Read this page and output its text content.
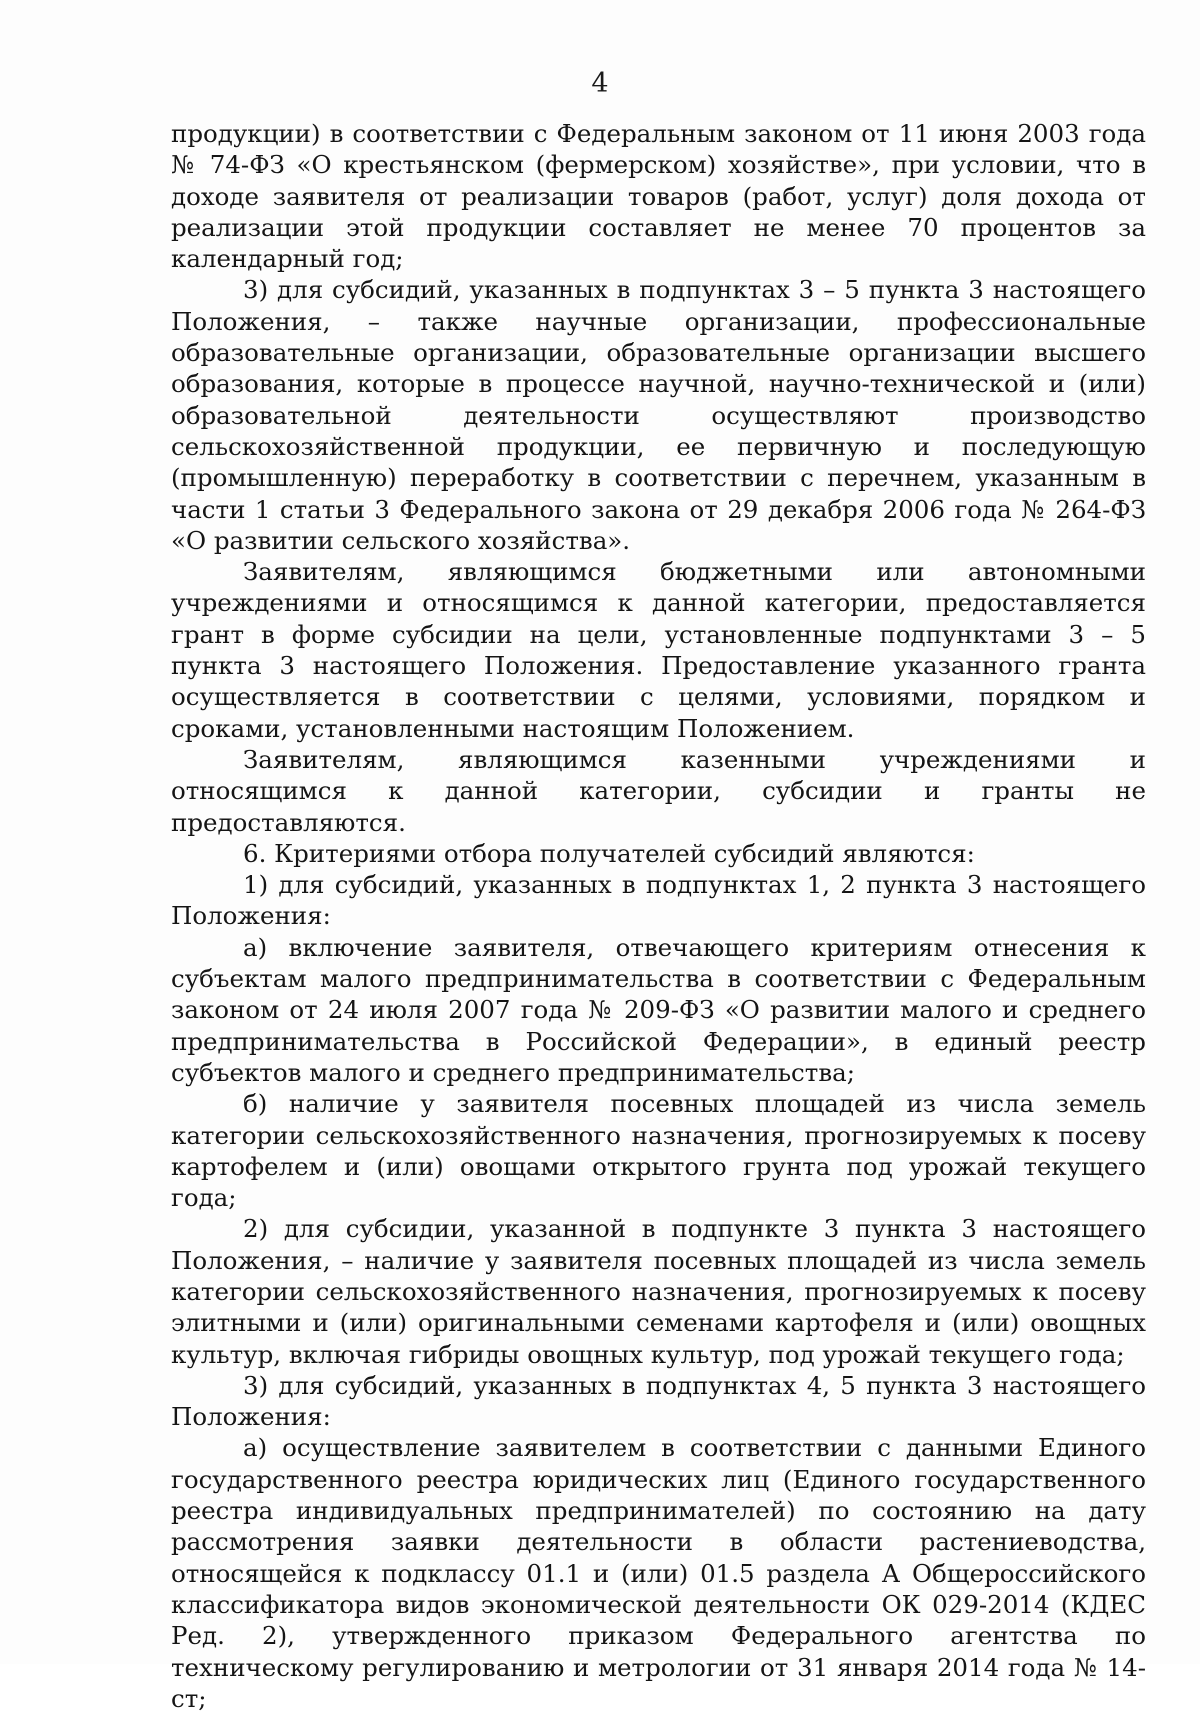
4

продукции) в соответствии с Федеральным законом от 11 июня 2003 года № 74-ФЗ «О крестьянском (фермерском) хозяйстве», при условии, что в доходе заявителя от реализации товаров (работ, услуг) доля дохода от реализации этой продукции составляет не менее 70 процентов за календарный год;

3) для субсидий, указанных в подпунктах 3 – 5 пункта 3 настоящего Положения, – также научные организации, профессиональные образовательные организации, образовательные организации высшего образования, которые в процессе научной, научно-технической и (или) образовательной деятельности осуществляют производство сельскохозяйственной продукции, ее первичную и последующую (промышленную) переработку в соответствии с перечнем, указанным в части 1 статьи 3 Федерального закона от 29 декабря 2006 года № 264-ФЗ «О развитии сельского хозяйства».

Заявителям, являющимся бюджетными или автономными учреждениями и относящимся к данной категории, предоставляется грант в форме субсидии на цели, установленные подпунктами 3 – 5 пункта 3 настоящего Положения. Предоставление указанного гранта осуществляется в соответствии с целями, условиями, порядком и сроками, установленными настоящим Положением.

Заявителям, являющимся казенными учреждениями и относящимся к данной категории, субсидии и гранты не предоставляются.

6. Критериями отбора получателей субсидий являются:

1) для субсидий, указанных в подпунктах 1, 2 пункта 3 настоящего Положения:

а) включение заявителя, отвечающего критериям отнесения к субъектам малого предпринимательства в соответствии с Федеральным законом от 24 июля 2007 года № 209-ФЗ «О развитии малого и среднего предпринимательства в Российской Федерации», в единый реестр субъектов малого и среднего предпринимательства;

б) наличие у заявителя посевных площадей из числа земель категории сельскохозяйственного назначения, прогнозируемых к посеву картофелем и (или) овощами открытого грунта под урожай текущего года;

2) для субсидии, указанной в подпункте 3 пункта 3 настоящего Положения, – наличие у заявителя посевных площадей из числа земель категории сельскохозяйственного назначения, прогнозируемых к посеву элитными и (или) оригинальными семенами картофеля и (или) овощных культур, включая гибриды овощных культур, под урожай текущего года;

3) для субсидий, указанных в подпунктах 4, 5 пункта 3 настоящего Положения:

а) осуществление заявителем в соответствии с данными Единого государственного реестра юридических лиц (Единого государственного реестра индивидуальных предпринимателей) по состоянию на дату рассмотрения заявки деятельности в области растениеводства, относящейся к подклассу 01.1 и (или) 01.5 раздела А Общероссийского классификатора видов экономической деятельности ОК 029-2014 (КДЕС Ред. 2), утвержденного приказом Федерального агентства по техническому регулированию и метрологии от 31 января 2014 года № 14-ст;
